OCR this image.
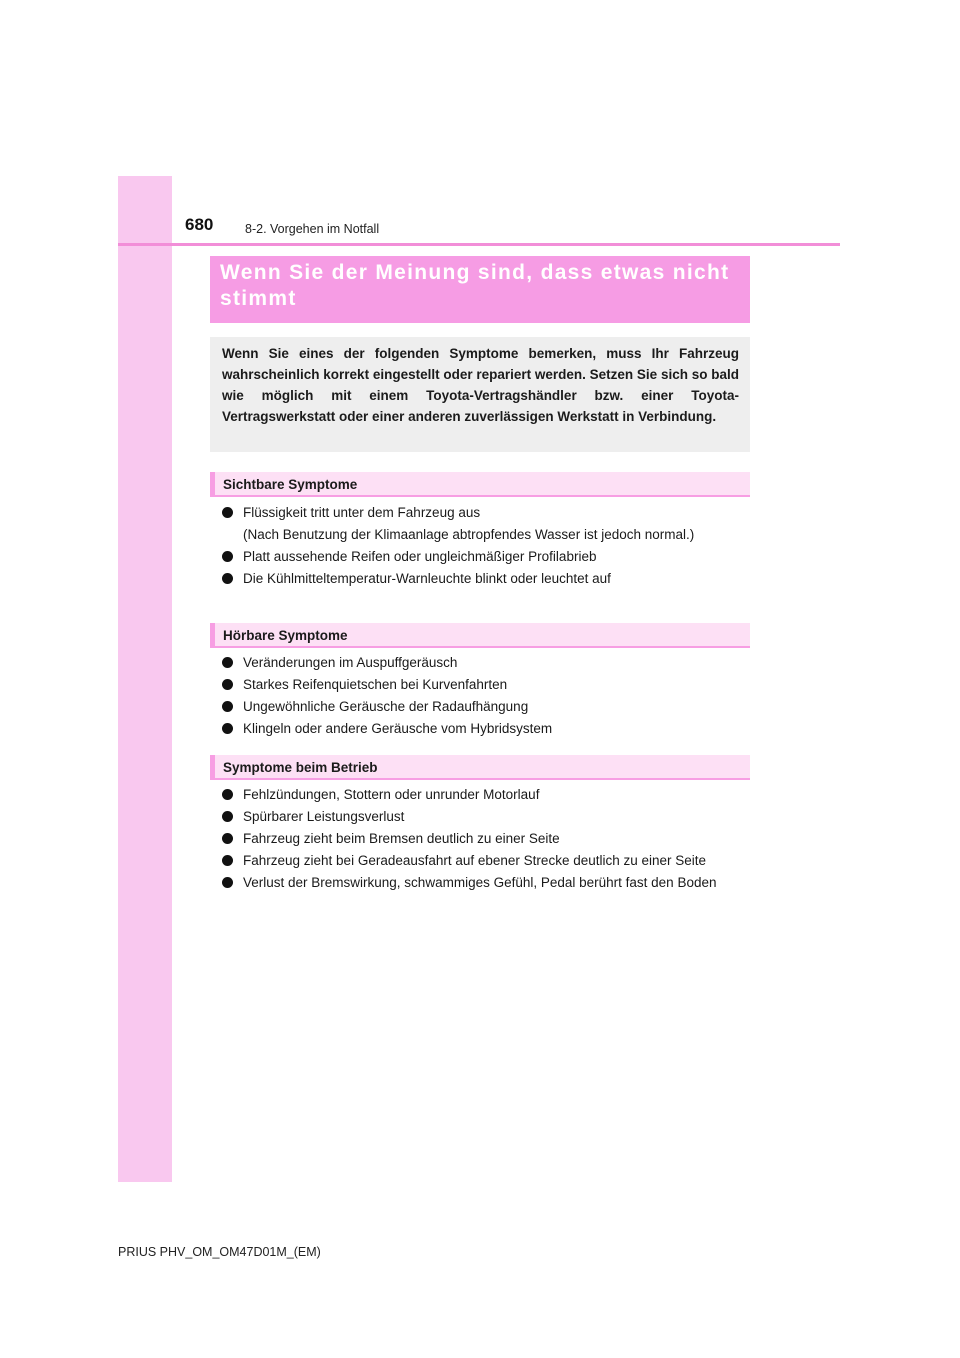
680	8-2. Vorgehen im Notfall
Wenn Sie der Meinung sind, dass etwas nicht stimmt
Wenn Sie eines der folgenden Symptome bemerken, muss Ihr Fahrzeug wahrscheinlich korrekt eingestellt oder repariert werden. Setzen Sie sich so bald wie möglich mit einem Toyota-Vertragshändler bzw. einer Toyota-Vertragswerkstatt oder einer anderen zuverlässigen Werkstatt in Verbindung.
Sichtbare Symptome
Flüssigkeit tritt unter dem Fahrzeug aus
(Nach Benutzung der Klimaanlage abtropfendes Wasser ist jedoch normal.)
Platt aussehende Reifen oder ungleichmäßiger Profilabrieb
Die Kühlmitteltemperatur-Warnleuchte blinkt oder leuchtet auf
Hörbare Symptome
Veränderungen im Auspuffgeräusch
Starkes Reifenquietschen bei Kurvenfahrten
Ungewöhnliche Geräusche der Radaufhängung
Klingeln oder andere Geräusche vom Hybridsystem
Symptome beim Betrieb
Fehlzündungen, Stottern oder unrunder Motorlauf
Spürbarer Leistungsverlust
Fahrzeug zieht beim Bremsen deutlich zu einer Seite
Fahrzeug zieht bei Geradeausfahrt auf ebener Strecke deutlich zu einer Seite
Verlust der Bremswirkung, schwammiges Gefühl, Pedal berührt fast den Boden
PRIUS PHV_OM_OM47D01M_(EM)
